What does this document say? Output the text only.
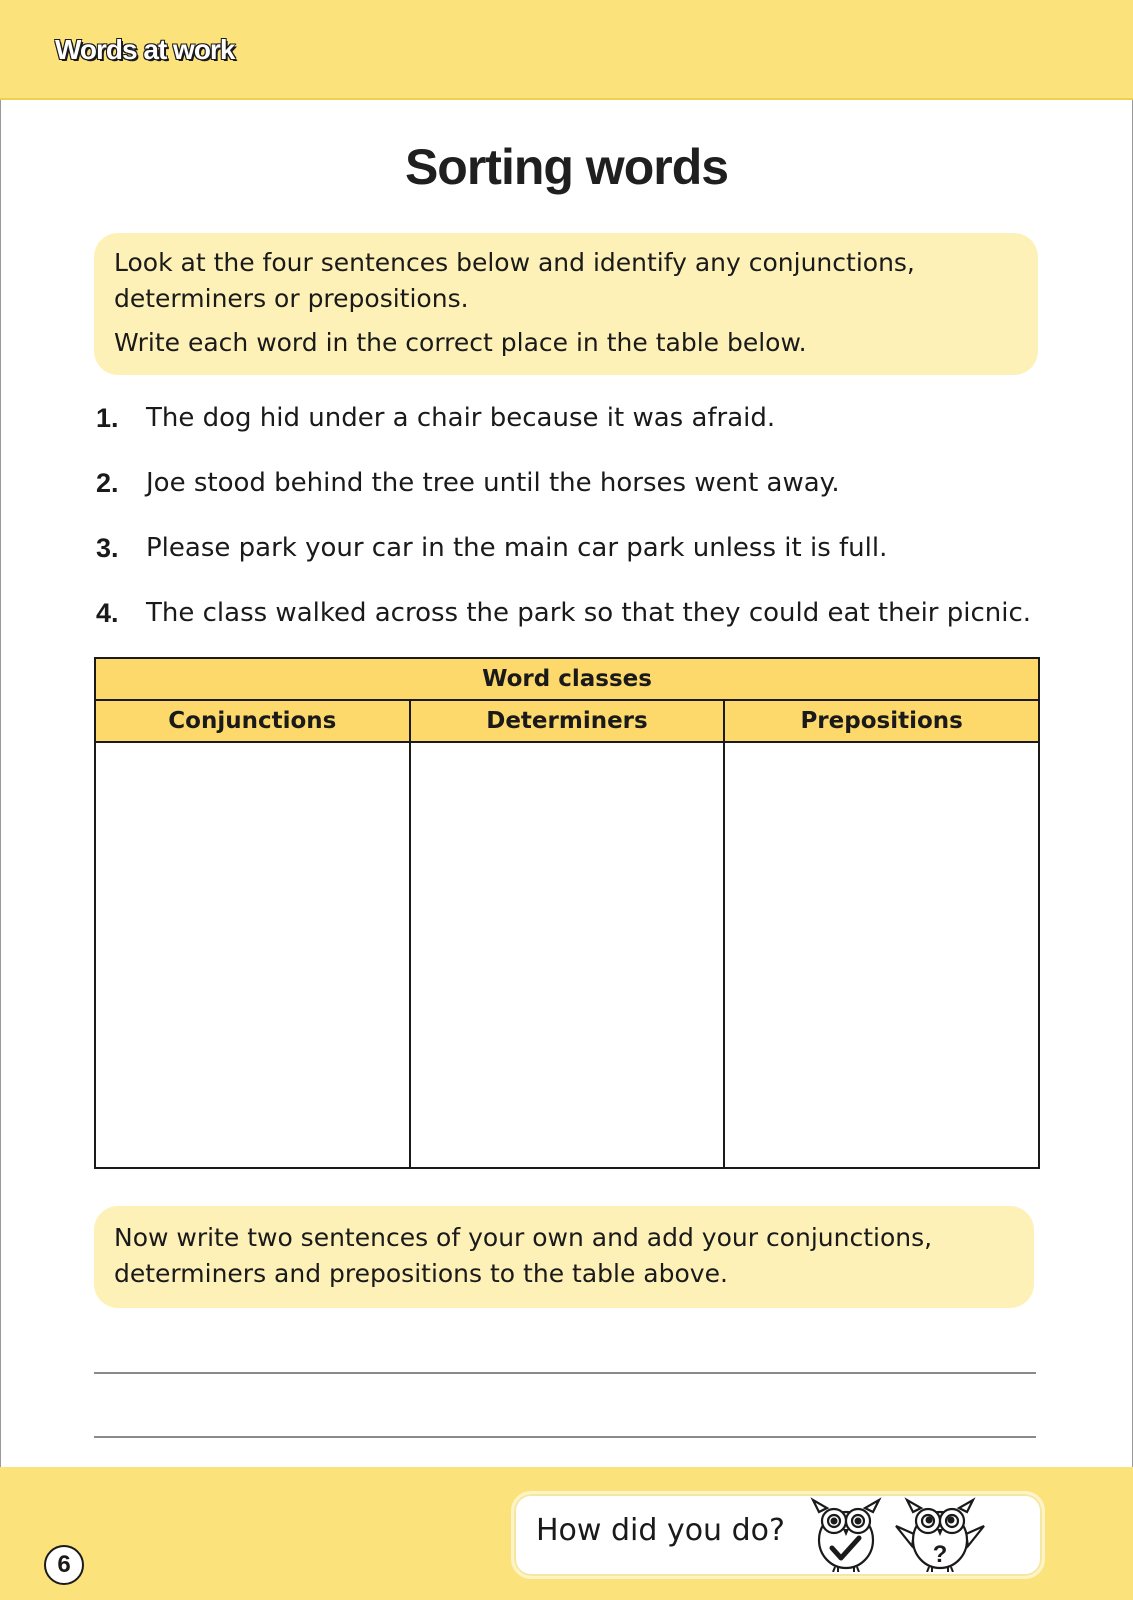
Words at work
Sorting words

Look at the four sentences below and identify any conjunctions, determiners or prepositions.

Write each word in the correct place in the table below.

1.	The dog hid under a chair because it was afraid.
2.	Joe stood behind the tree until the horses went away.
3.	Please park your car in the main car park unless it is full.
4.	The class walked across the park so that they could eat their picnic.
Word classes		
Conjunctions	Determiners	Prepositions

Now write two sentences of your own and add your conjunctions, determiners and prepositions to the table above.

6
How did you do?
?
